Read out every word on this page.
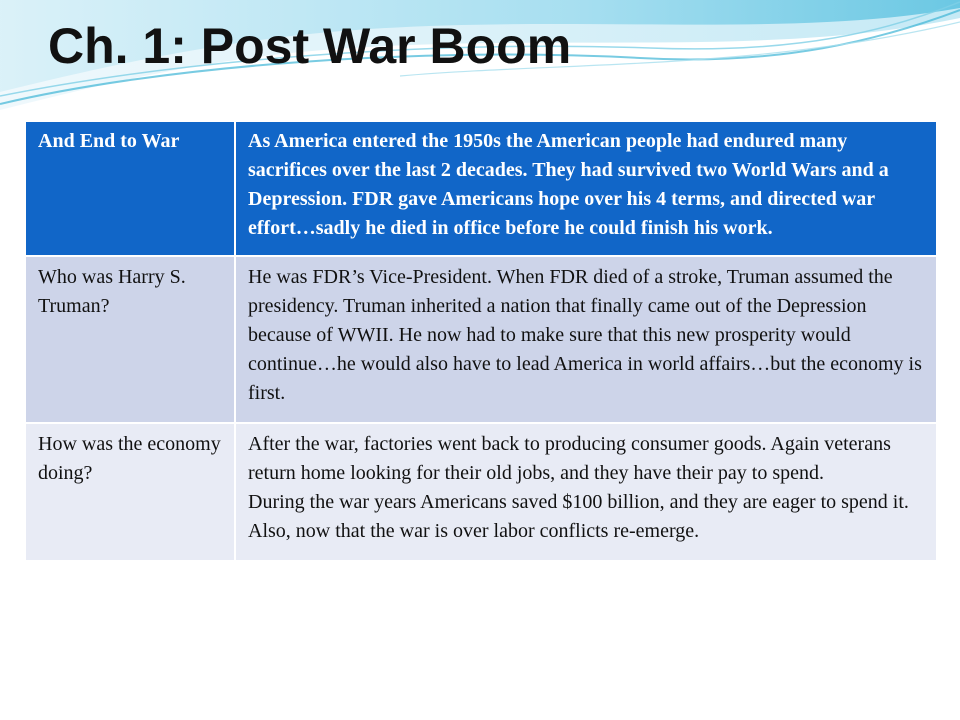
Ch. 1: Post War Boom
And End to War	As America entered the 1950s the American people had endured many sacrifices over the last 2 decades. They had survived two World Wars and a Depression. FDR gave Americans hope over his 4 terms, and directed war effort…sadly he died in office before he could finish his work.
Who was Harry S. Truman?	He was FDR’s Vice-President. When FDR died of a stroke, Truman assumed the presidency. Truman inherited a nation that finally came out of the Depression because of WWII. He now had to make sure that this new prosperity would continue…he would also have to lead America in world affairs…but the economy is first.
How was the economy doing?	After the war, factories went back to producing consumer goods. Again veterans return home looking for their old jobs, and they have their pay to spend.
During the war years Americans saved $100 billion, and they are eager to spend it.
Also, now that the war is over labor conflicts re-emerge.
